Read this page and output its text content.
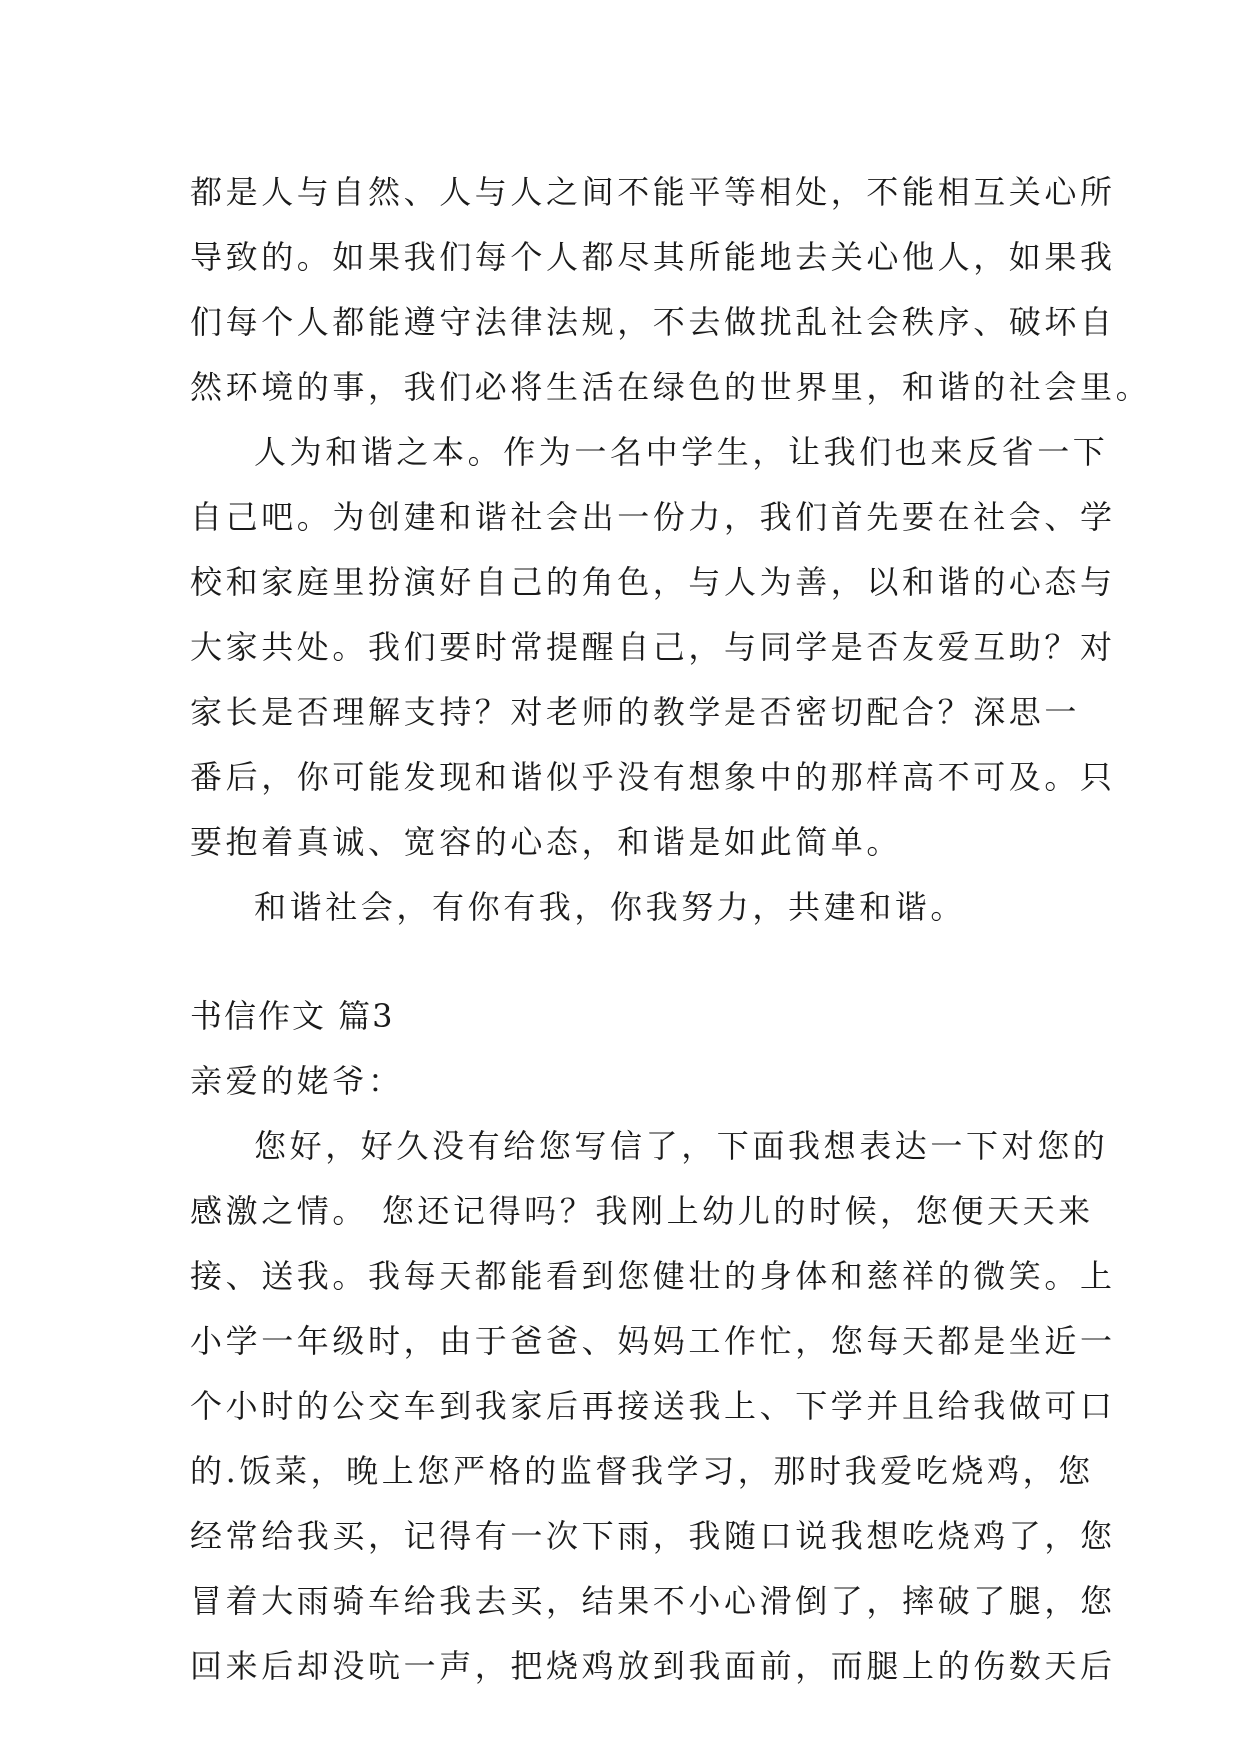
都是人与自然、人与人之间不能平等相处，不能相互关心所
导致的。如果我们每个人都尽其所能地去关心他人，如果我
们每个人都能遵守法律法规，不去做扰乱社会秩序、破坏自
然环境的事，我们必将生活在绿色的世界里，和谐的社会里。
人为和谐之本。作为一名中学生，让我们也来反省一下
自己吧。为创建和谐社会出一份力，我们首先要在社会、学
校和家庭里扮演好自己的角色，与人为善，以和谐的心态与
大家共处。我们要时常提醒自己，与同学是否友爱互助？对
家长是否理解支持？对老师的教学是否密切配合？深思一
番后，你可能发现和谐似乎没有想象中的那样高不可及。只
要抱着真诚、宽容的心态，和谐是如此简单。
和谐社会，有你有我，你我努力，共建和谐。
书信作文 篇3
亲爱的姥爷：
您好，好久没有给您写信了，下面我想表达一下对您的
感激之情。 您还记得吗？我刚上幼儿的时候，您便天天来
接、送我。我每天都能看到您健壮的身体和慈祥的微笑。上
小学一年级时，由于爸爸、妈妈工作忙，您每天都是坐近一
个小时的公交车到我家后再接送我上、下学并且给我做可口
的.饭菜，晚上您严格的监督我学习，那时我爱吃烧鸡，您
经常给我买，记得有一次下雨，我随口说我想吃烧鸡了，您
冒着大雨骑车给我去买，结果不小心滑倒了，摔破了腿，您
回来后却没吭一声，把烧鸡放到我面前，而腿上的伤数天后
